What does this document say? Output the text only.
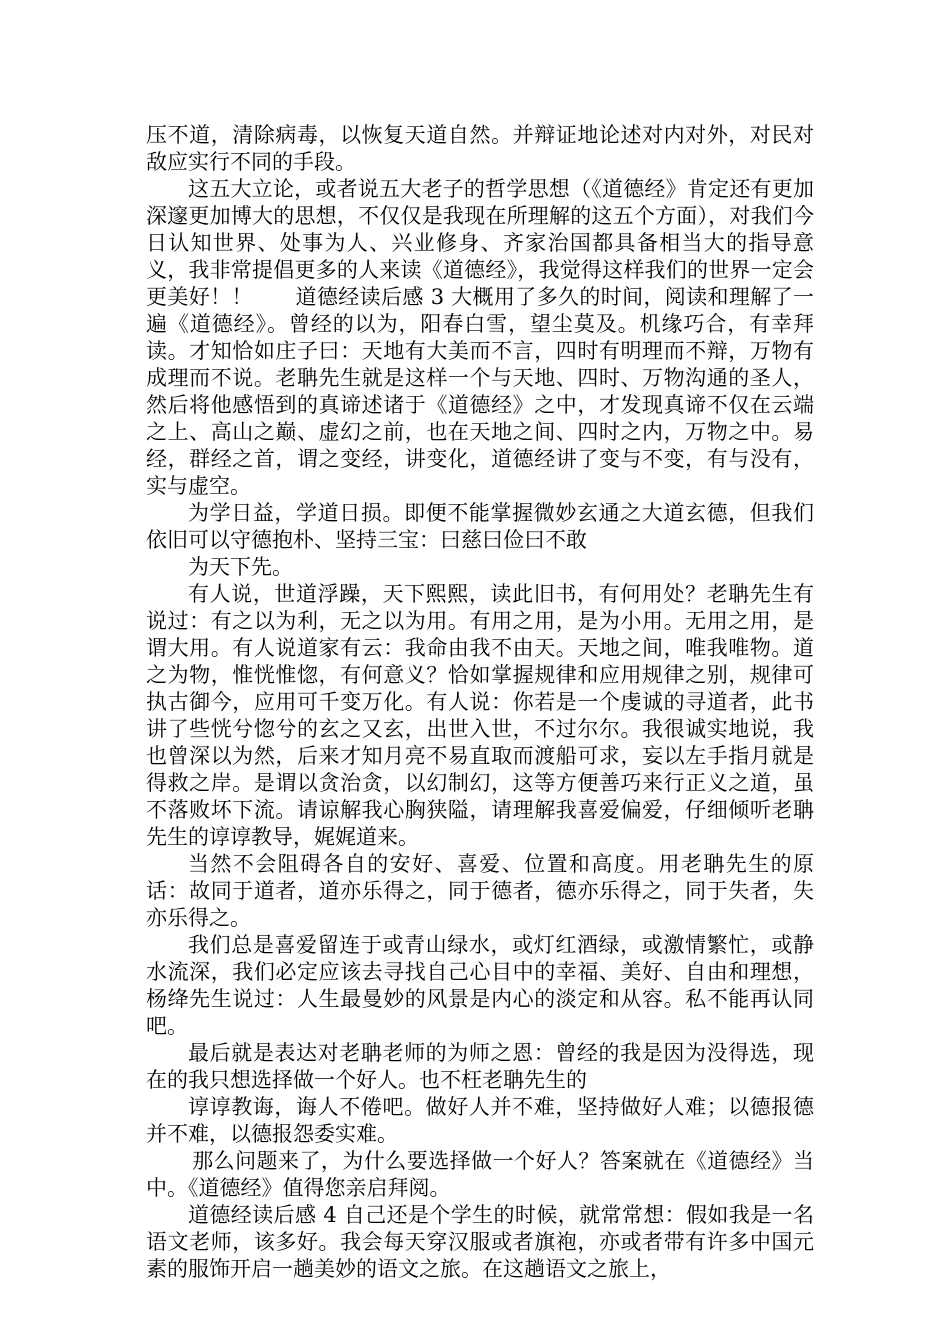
压不道，清除病毒，以恢复天道自然。并辩证地论述对内对外，对民对敌应实行不同的手段。

这五大立论，或者说五大老子的哲学思想（《道德经》肯定还有更加深邃更加博大的思想，不仅仅是我现在所理解的这五个方面），对我们今日认知世界、处事为人、兴业修身、齐家治国都具备相当大的指导意义，我非常提倡更多的人来读《道德经》，我觉得这样我们的世界一定会更美好！！　　道德经读后感 3 大概用了多久的时间，阅读和理解了一遍《道德经》。曾经的以为，阳春白雪，望尘莫及。机缘巧合，有幸拜读。才知恰如庄子曰：天地有大美而不言，四时有明理而不辩，万物有成理而不说。老聃先生就是这样一个与天地、四时、万物沟通的圣人，然后将他感悟到的真谛述诸于《道德经》之中，才发现真谛不仅在云端之上、高山之巅、虚幻之前，也在天地之间、四时之内，万物之中。易经，群经之首，谓之变经，讲变化，道德经讲了变与不变，有与没有，实与虚空。

为学日益，学道日损。即便不能掌握微妙玄通之大道玄德，但我们依旧可以守德抱朴、坚持三宝：曰慈曰俭曰不敢

为天下先。

有人说，世道浮躁，天下熙熙，读此旧书，有何用处？老聃先生有说过：有之以为利，无之以为用。有用之用，是为小用。无用之用，是谓大用。有人说道家有云：我命由我不由天。天地之间，唯我唯物。道之为物，惟恍惟惚，有何意义？恰如掌握规律和应用规律之别，规律可执古御今，应用可千变万化。有人说：你若是一个虔诚的寻道者，此书讲了些恍兮惚兮的玄之又玄，出世入世，不过尔尔。我很诚实地说，我也曾深以为然，后来才知月亮不易直取而渡船可求，妄以左手指月就是得救之岸。是谓以贪治贪，以幻制幻，这等方便善巧来行正义之道，虽不落败坏下流。请谅解我心胸狭隘，请理解我喜爱偏爱，仔细倾听老聃先生的谆谆教导，娓娓道来。

当然不会阻碍各自的安好、喜爱、位置和高度。用老聃先生的原话：故同于道者，道亦乐得之，同于德者，德亦乐得之，同于失者，失亦乐得之。

我们总是喜爱留连于或青山绿水，或灯红酒绿，或激情繁忙，或静水流深，我们必定应该去寻找自己心目中的幸福、美好、自由和理想，杨绛先生说过：人生最曼妙的风景是内心的淡定和从容。私不能再认同吧。

最后就是表达对老聃老师的为师之恩：曾经的我是因为没得选，现在的我只想选择做一个好人。也不枉老聃先生的

谆谆教诲，诲人不倦吧。做好人并不难，坚持做好人难；以德报德并不难，以德报怨委实难。

那么问题来了，为什么要选择做一个好人？答案就在《道德经》当中。《道德经》值得您亲启拜阅。

道德经读后感 4 自己还是个学生的时候，就常常想：假如我是一名语文老师，该多好。我会每天穿汉服或者旗袍，亦或者带有许多中国元素的服饰开启一趟美妙的语文之旅。在这趟语文之旅上，
